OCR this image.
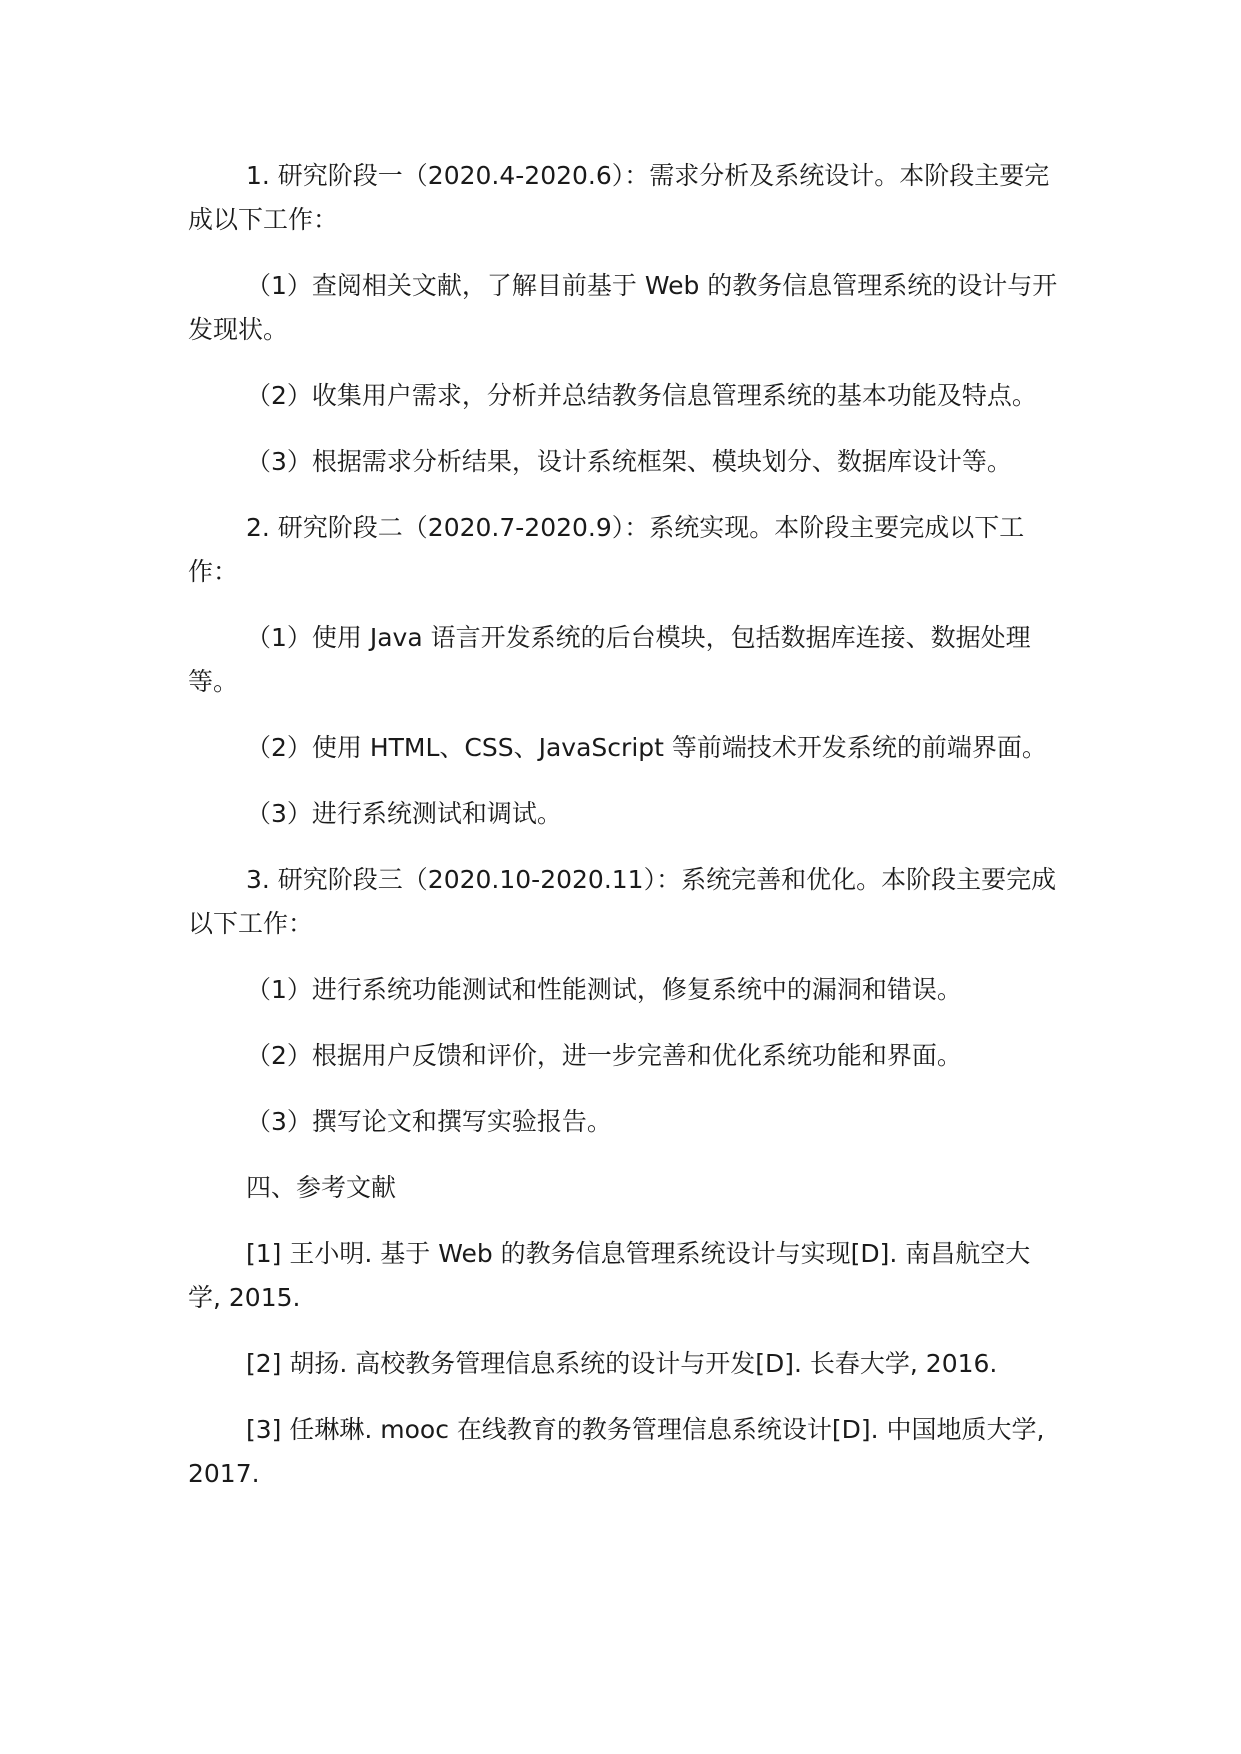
1. 研究阶段一（2020.4-2020.6）：需求分析及系统设计。本阶段主要完成以下工作：

（1）查阅相关文献，了解目前基于 Web 的教务信息管理系统的设计与开发现状。

（2）收集用户需求，分析并总结教务信息管理系统的基本功能及特点。

（3）根据需求分析结果，设计系统框架、模块划分、数据库设计等。

2. 研究阶段二（2020.7-2020.9）：系统实现。本阶段主要完成以下工作：

（1）使用 Java 语言开发系统的后台模块，包括数据库连接、数据处理等。

（2）使用 HTML、CSS、JavaScript 等前端技术开发系统的前端界面。

（3）进行系统测试和调试。

3. 研究阶段三（2020.10-2020.11）：系统完善和优化。本阶段主要完成以下工作：

（1）进行系统功能测试和性能测试，修复系统中的漏洞和错误。

（2）根据用户反馈和评价，进一步完善和优化系统功能和界面。

（3）撰写论文和撰写实验报告。

四、参考文献

[1] 王小明. 基于 Web 的教务信息管理系统设计与实现[D]. 南昌航空大学, 2015.

[2] 胡扬. 高校教务管理信息系统的设计与开发[D]. 长春大学, 2016.

[3] 任琳琳. mooc 在线教育的教务管理信息系统设计[D]. 中国地质大学, 2017.
